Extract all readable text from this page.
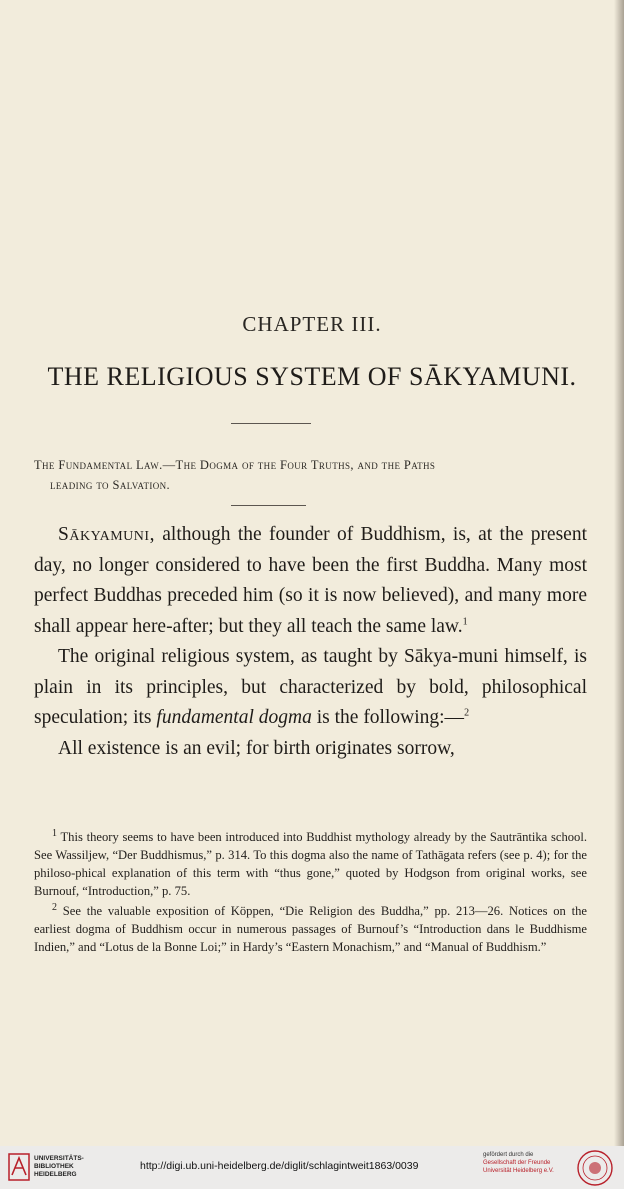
CHAPTER III.
THE RELIGIOUS SYSTEM OF SĀKYAMUNI.
The Fundamental Law.—The Dogma of the Four Truths, and the Paths
leading to Salvation.

Sākyamuni, although the founder of Buddhism, is, at the present day, no longer considered to have been the first Buddha. Many most perfect Buddhas preceded him (so it is now believed), and many more shall appear here-after; but they all teach the same law.$^1$

The original religious system, as taught by Sākya-muni himself, is plain in its principles, but characterized by bold, philosophical speculation; its fundamental dogma is the following:—$^2$

All existence is an evil; for birth originates sorrow,

$^1$ This theory seems to have been introduced into Buddhist mythology already by the Sautrāntika school. See Wassiljew, “Der Buddhismus,” p. 314. To this dogma also the name of Tathāgata refers (see p. 4); for the philoso-phical explanation of this term with “thus gone,” quoted by Hodgson from original works, see Burnouf, “Introduction,” p. 75.

$^2$ See the valuable exposition of Köppen, “Die Religion des Buddha,” pp. 213—26. Notices on the earliest dogma of Buddhism occur in numerous passages of Burnouf’s “Introduction dans le Buddhisme Indien,” and “Lotus de la Bonne Loi;” in Hardy’s “Eastern Monachism,” and “Manual of Buddhism.”

UNIVERSITÄTS-
BIBLIOTHEK
HEIDELBERG
http://digi.ub.uni-heidelberg.de/diglit/schlagintweit1863/0039
gefördert durch die
Gesellschaft der Freunde
Universität Heidelberg e.V.
